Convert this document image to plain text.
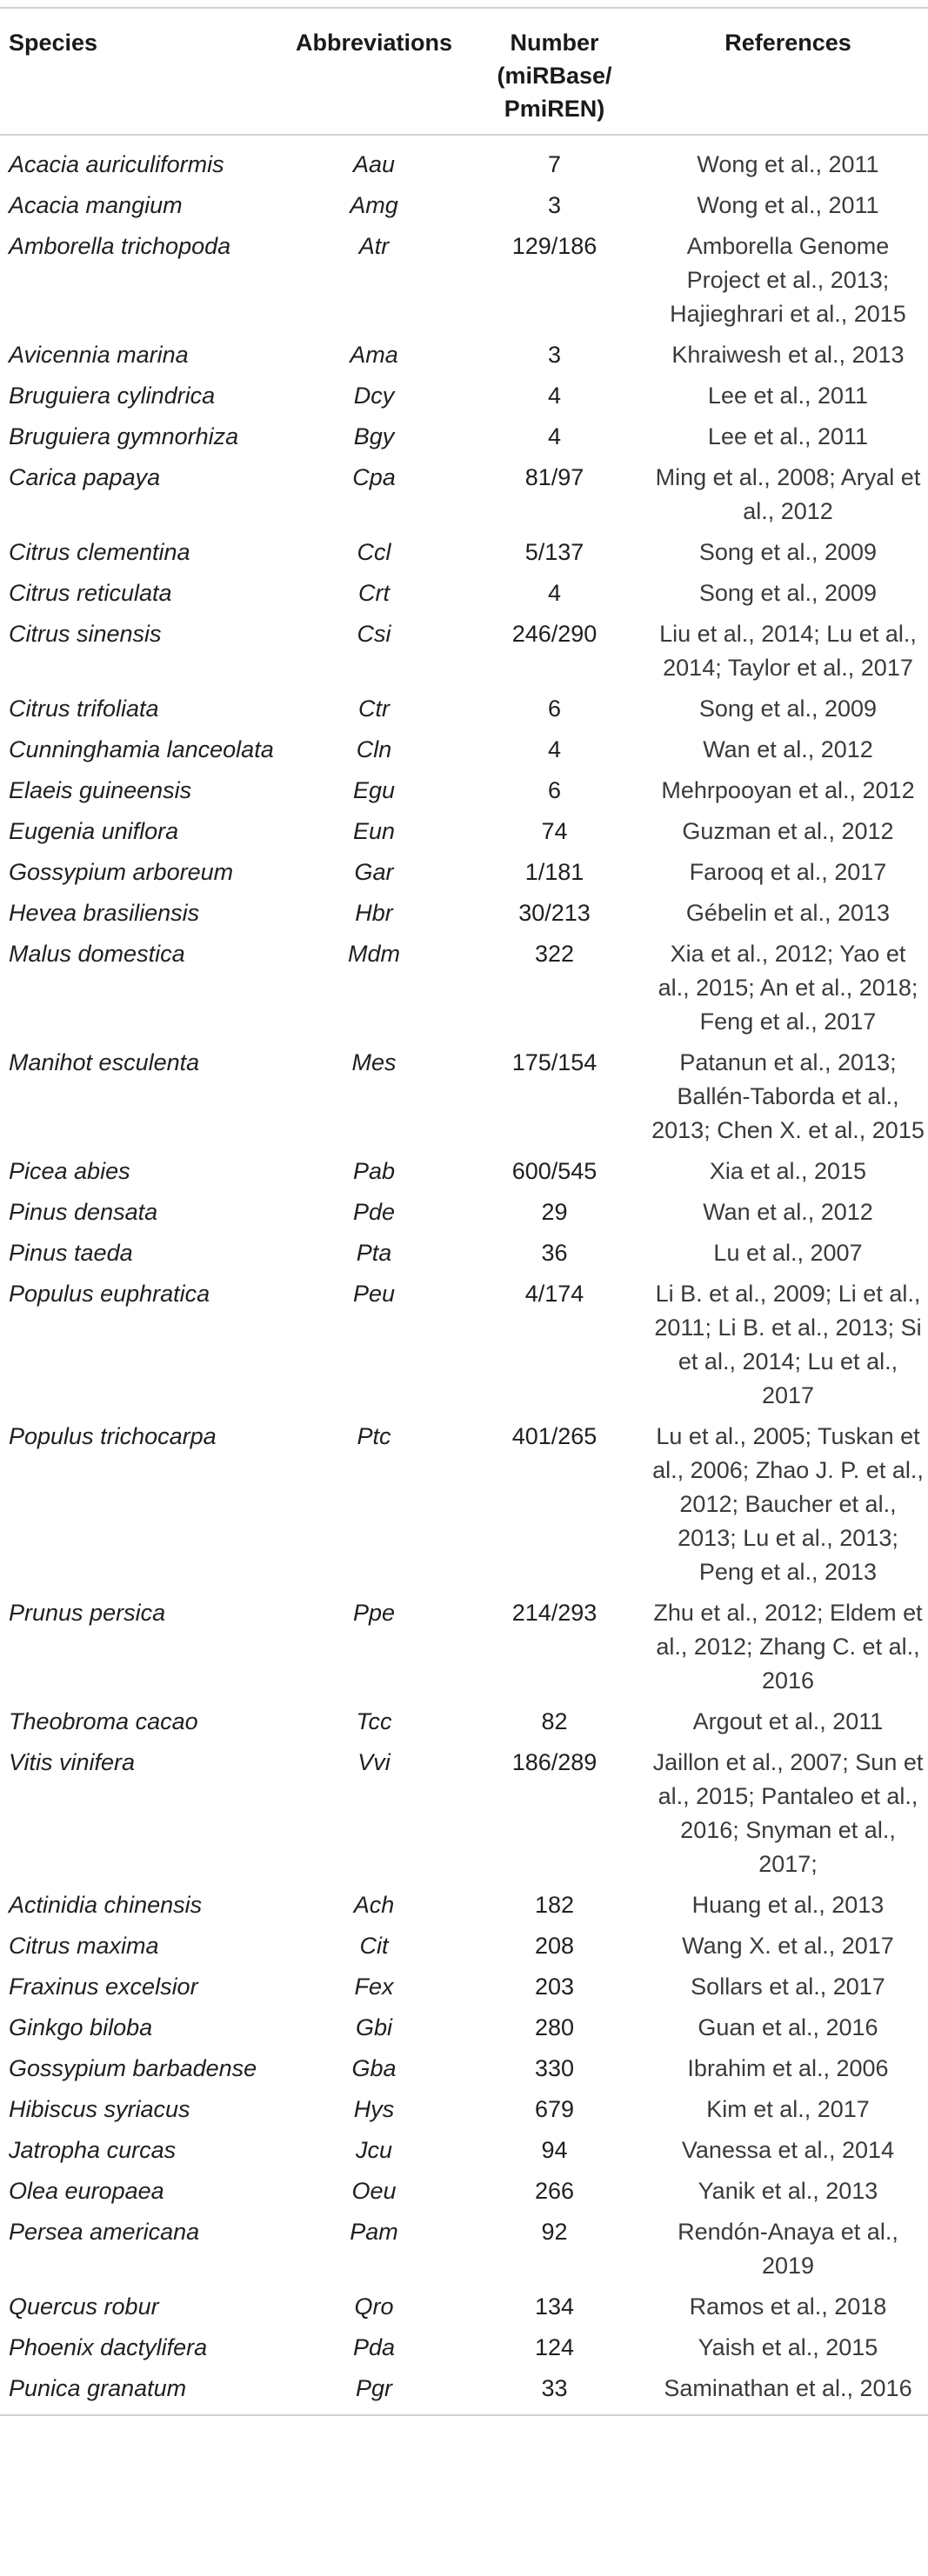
Species	Abbreviations	Number (miRBase/ PmiREN)	References
Acacia auriculiformis	Aau	7	Wong et al., 2011
Acacia mangium	Amg	3	Wong et al., 2011
Amborella trichopoda	Atr	129/186	Amborella Genome Project et al., 2013; Hajieghrari et al., 2015
Avicennia marina	Ama	3	Khraiwesh et al., 2013
Bruguiera cylindrica	Dcy	4	Lee et al., 2011
Bruguiera gymnorhiza	Bgy	4	Lee et al., 2011
Carica papaya	Cpa	81/97	Ming et al., 2008; Aryal et al., 2012
Citrus clementina	Ccl	5/137	Song et al., 2009
Citrus reticulata	Crt	4	Song et al., 2009
Citrus sinensis	Csi	246/290	Liu et al., 2014; Lu et al., 2014; Taylor et al., 2017
Citrus trifoliata	Ctr	6	Song et al., 2009
Cunninghamia lanceolata	Cln	4	Wan et al., 2012
Elaeis guineensis	Egu	6	Mehrpooyan et al., 2012
Eugenia uniflora	Eun	74	Guzman et al., 2012
Gossypium arboreum	Gar	1/181	Farooq et al., 2017
Hevea brasiliensis	Hbr	30/213	Gébelin et al., 2013
Malus domestica	Mdm	322	Xia et al., 2012; Yao et al., 2015; An et al., 2018; Feng et al., 2017
Manihot esculenta	Mes	175/154	Patanun et al., 2013; Ballén-Taborda et al., 2013; Chen X. et al., 2015
Picea abies	Pab	600/545	Xia et al., 2015
Pinus densata	Pde	29	Wan et al., 2012
Pinus taeda	Pta	36	Lu et al., 2007
Populus euphratica	Peu	4/174	Li B. et al., 2009; Li et al., 2011; Li B. et al., 2013; Si et al., 2014; Lu et al., 2017
Populus trichocarpa	Ptc	401/265	Lu et al., 2005; Tuskan et al., 2006; Zhao J. P. et al., 2012; Baucher et al., 2013; Lu et al., 2013; Peng et al., 2013
Prunus persica	Ppe	214/293	Zhu et al., 2012; Eldem et al., 2012; Zhang C. et al., 2016
Theobroma cacao	Tcc	82	Argout et al., 2011
Vitis vinifera	Vvi	186/289	Jaillon et al., 2007; Sun et al., 2015; Pantaleo et al., 2016; Snyman et al., 2017;
Actinidia chinensis	Ach	182	Huang et al., 2013
Citrus maxima	Cit	208	Wang X. et al., 2017
Fraxinus excelsior	Fex	203	Sollars et al., 2017
Ginkgo biloba	Gbi	280	Guan et al., 2016
Gossypium barbadense	Gba	330	Ibrahim et al., 2006
Hibiscus syriacus	Hys	679	Kim et al., 2017
Jatropha curcas	Jcu	94	Vanessa et al., 2014
Olea europaea	Oeu	266	Yanik et al., 2013
Persea americana	Pam	92	Rendón-Anaya et al., 2019
Quercus robur	Qro	134	Ramos et al., 2018
Phoenix dactylifera	Pda	124	Yaish et al., 2015
Punica granatum	Pgr	33	Saminathan et al., 2016
